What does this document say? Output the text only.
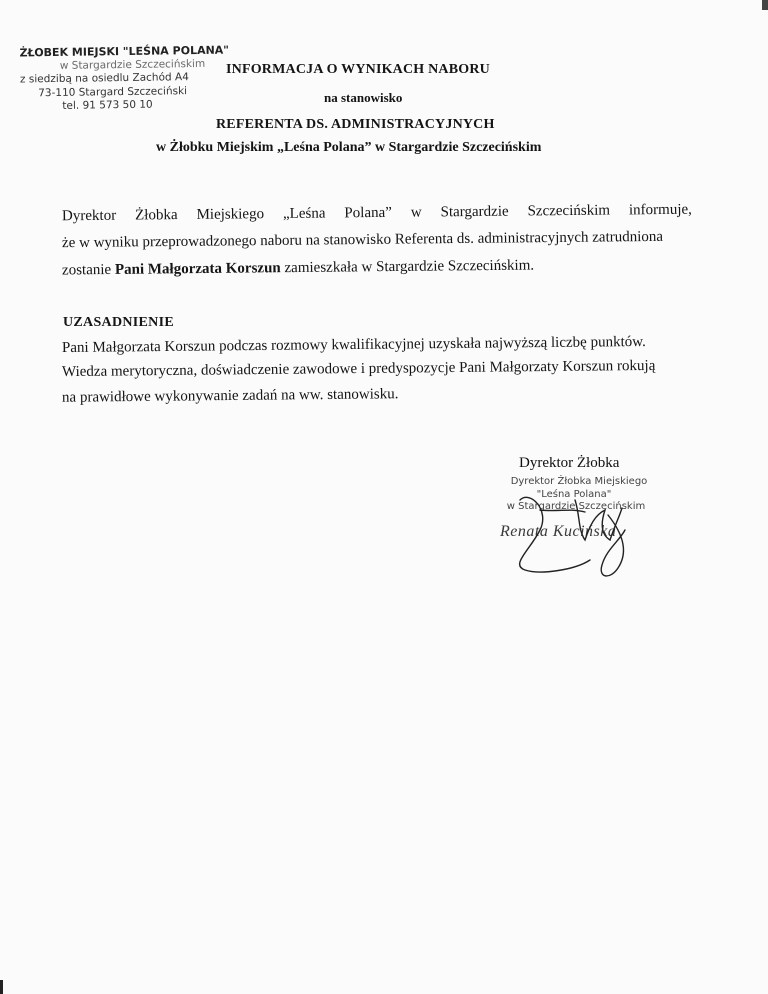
ŻŁOBEK MIEJSKI "LEŚNA POLANA"
w Stargardzie Szczecińskim
z siedzibą na osiedlu Zachód A4
73-110 Stargard Szczeciński
tel. 91 573 50 10
INFORMACJA O WYNIKACH NABORU
na stanowisko
REFERENTA DS. ADMINISTRACYJNYCH
w Żłobku Miejskim „Leśna Polana” w Stargardzie Szczecińskim
Dyrektor Żłobka Miejskiego „Leśna Polana” w Stargardzie Szczecińskim informuje,
że w wyniku przeprowadzonego naboru na stanowisko Referenta ds. administracyjnych zatrudniona
zostanie Pani Małgorzata Korszun zamieszkała w Stargardzie Szczecińskim.
UZASADNIENIE
Pani Małgorzata Korszun podczas rozmowy kwalifikacyjnej uzyskała najwyższą liczbę punktów.
Wiedza merytoryczna, doświadczenie zawodowe i predyspozycje Pani Małgorzaty Korszun rokują
na prawidłowe wykonywanie zadań na ww. stanowisku.
Dyrektor Żłobka
Dyrektor Żłobka Miejskiego
"Leśna Polana"
w Stargardzie Szczecińskim
Renata Kucińska
